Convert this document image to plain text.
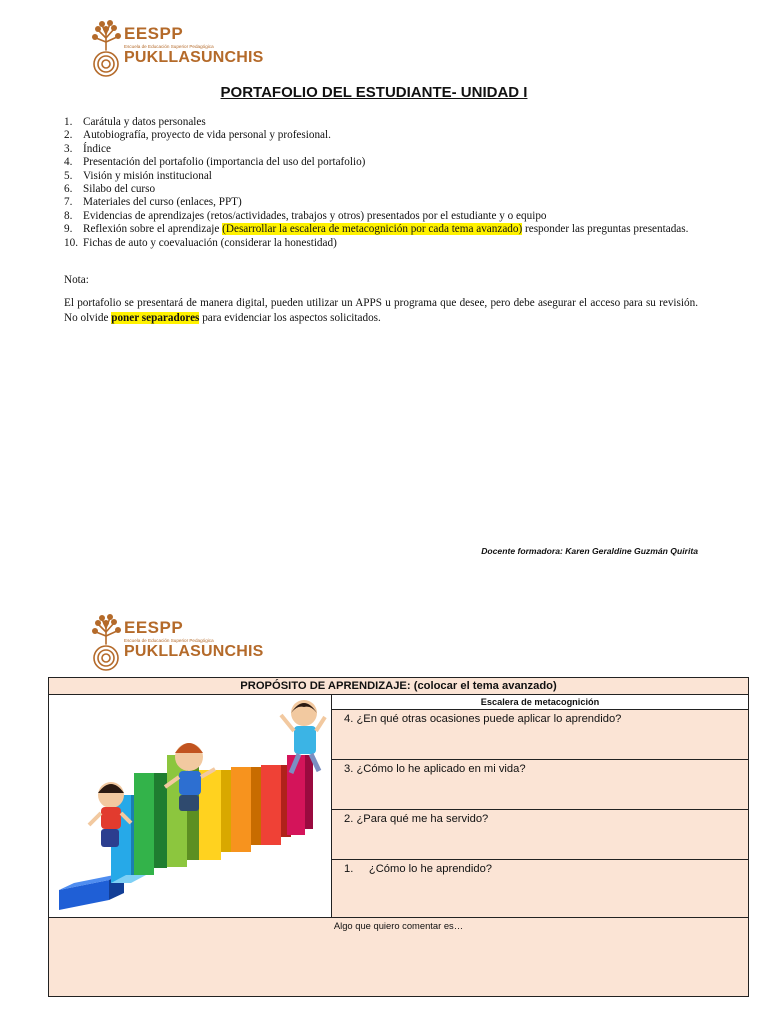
EESPP
Escuela de Educación Superior Pedagógica
PUKLLASUNCHIS
PORTAFOLIO DEL ESTUDIANTE- UNIDAD I
1. Carátula y datos personales
2. Autobiografía, proyecto de vida personal y profesional.
3. Índice
4. Presentación del portafolio (importancia del uso del portafolio)
5. Visión y misión institucional
6. Silabo del curso
7. Materiales del curso (enlaces, PPT)
8. Evidencias de aprendizajes (retos/actividades, trabajos y otros) presentados por el estudiante y o equipo
9. Reflexión sobre el aprendizaje (Desarrollar la escalera de metacognición por cada tema avanzado) responder las preguntas presentadas.
10. Fichas de auto y coevaluación (considerar la honestidad)
Nota:
El portafolio se presentará de manera digital, pueden utilizar un APPS u programa que desee, pero debe asegurar el acceso para su revisión. No olvide poner separadores para evidenciar los aspectos solicitados.
Docente formadora: Karen Geraldine Guzmán Quirita
EESPP
Escuela de Educación Superior Pedagógica
PUKLLASUNCHIS
PROPÓSITO DE APRENDIZAJE: (colocar el tema avanzado)
Escalera de metacognición
4. ¿En qué otras ocasiones puede aplicar lo aprendido?
3. ¿Cómo lo he aplicado en mi vida?
2. ¿Para qué me ha servido?
1.     ¿Cómo lo he aprendido?
Algo que quiero comentar es…
